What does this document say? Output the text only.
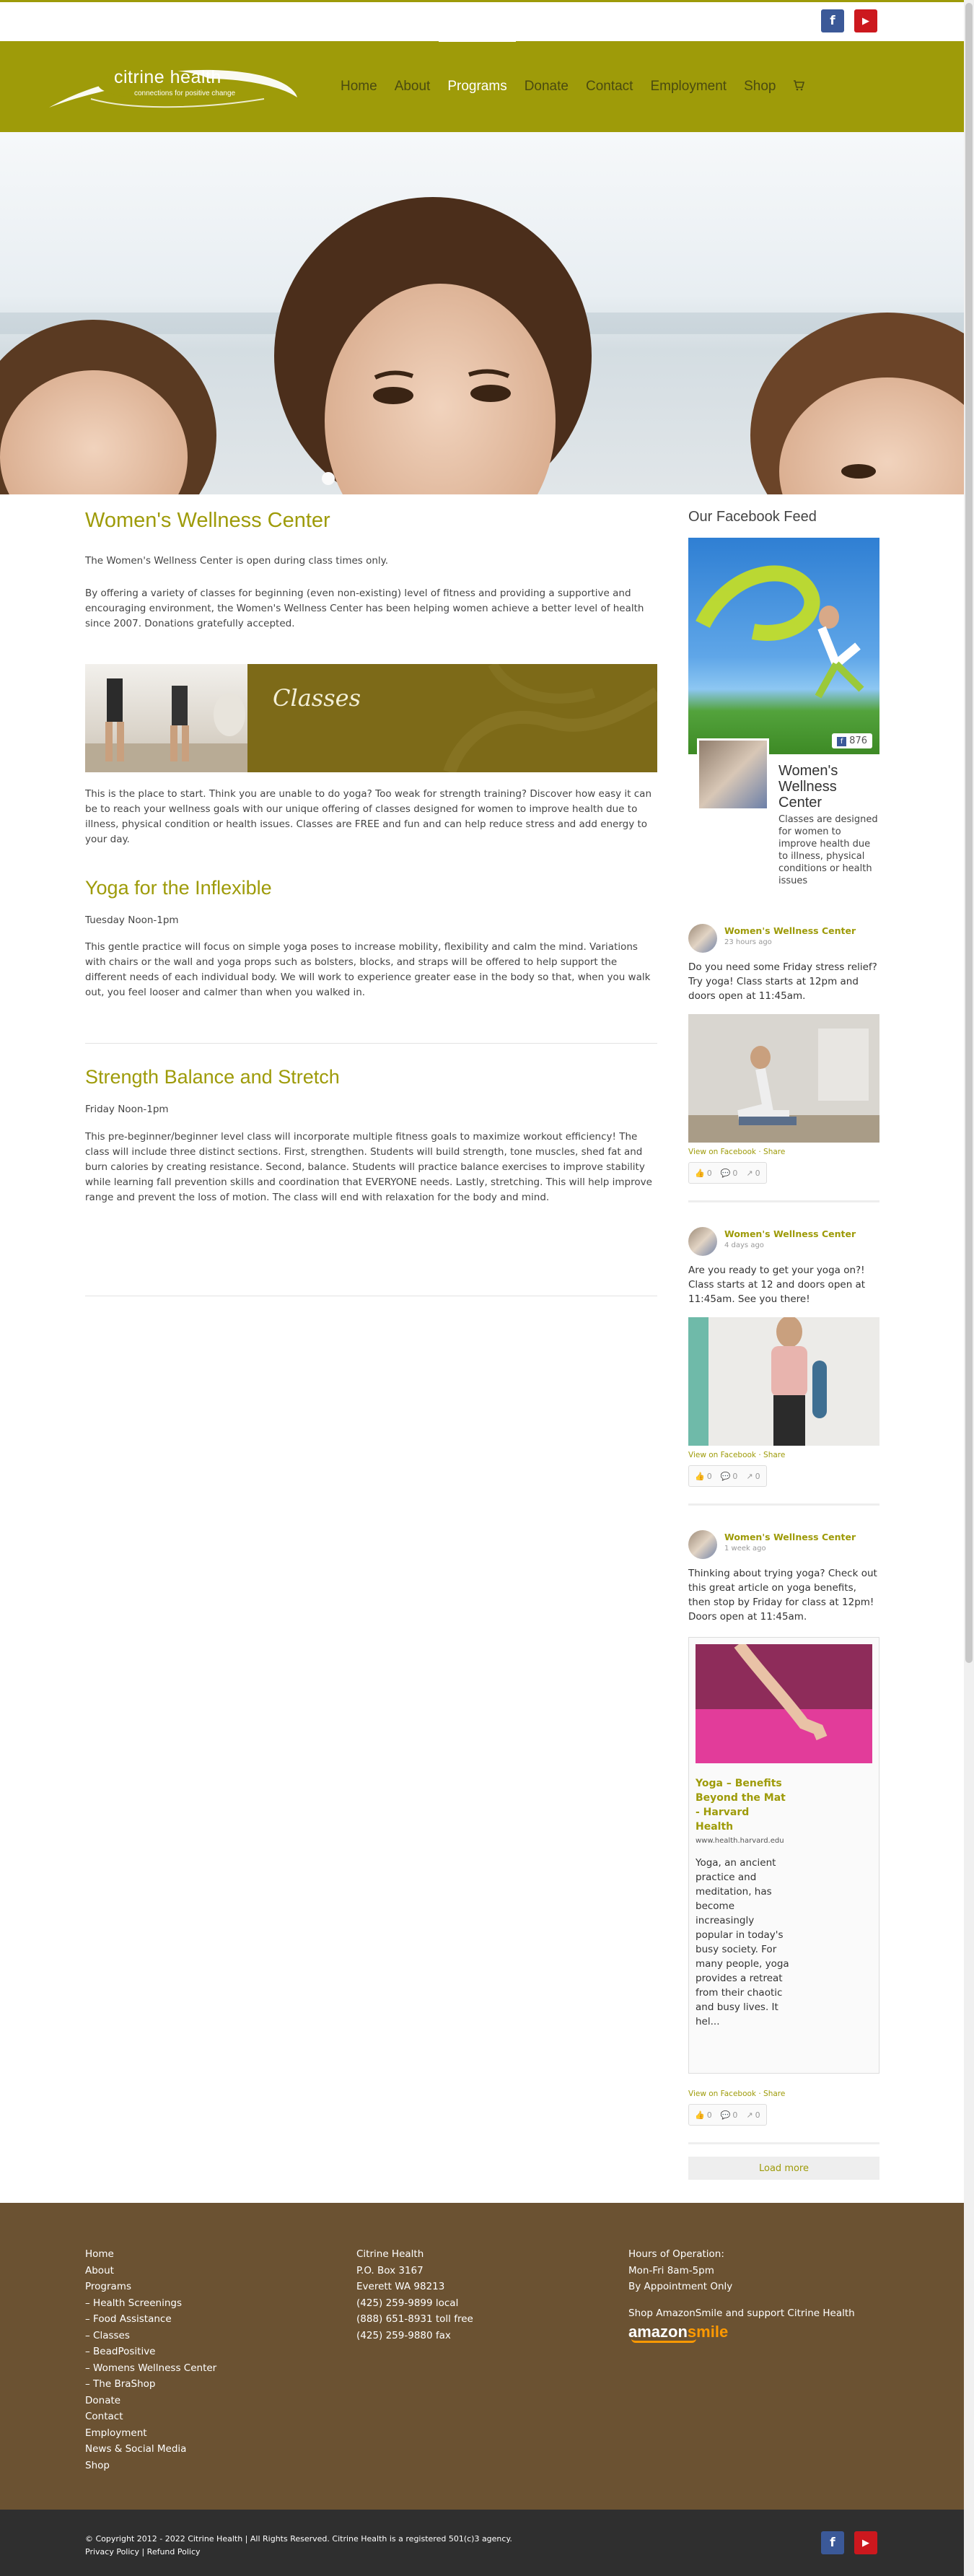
f	▶
citrine health
connections for positive change	Home	About	Programs	Donate	Contact	Employment	Shop
Women's Wellness Center

The Women's Wellness Center is open during class times only.

By offering a variety of classes for beginning (even non-existing) level of fitness and providing a supportive and encouraging environment, the Women's Wellness Center has been helping women achieve a better level of health since 2007. Donations gratefully accepted.

Classes

This is the place to start. Think you are unable to do yoga? Too weak for strength training? Discover how easy it can be to reach your wellness goals with our unique offering of classes designed for women to improve health due to illness, physical condition or health issues. Classes are FREE and fun and can help reduce stress and add energy to your day.

Yoga for the Inflexible

Tuesday Noon-1pm

This gentle practice will focus on simple yoga poses to increase mobility, flexibility and calm the mind. Variations with chairs or the wall and yoga props such as bolsters, blocks, and straps will be offered to help support the different needs of each individual body. We will work to experience greater ease in the body so that, when you walk out, you feel looser and calmer than when you walked in.

Strength Balance and Stretch

Friday Noon-1pm

This pre-beginner/beginner level class will incorporate multiple fitness goals to maximize workout efficiency! The class will include three distinct sections. First, strengthen. Students will build strength, tone muscles, shed fat and burn calories by creating resistance. Second, balance. Students will practice balance exercises to improve stability while learning fall prevention skills and coordination that EVERYONE needs. Lastly, stretching. This will help improve range and prevent the loss of motion. The class will end with relaxation for the body and mind.

Our Facebook Feed
f 876
Women's Wellness Center
Classes are designed for women to improve health due to illness, physical conditions or health issues
Women's Wellness Center
23 hours ago
Do you need some Friday stress relief? Try yoga! Class starts at 12pm and doors open at 11:45am.
View on Facebook · Share
👍 0 💬 0 ↗ 0
Women's Wellness Center
4 days ago
Are you ready to get your yoga on?! Class starts at 12 and doors open at 11:45am. See you there!
View on Facebook · Share
👍 0 💬 0 ↗ 0
Women's Wellness Center
1 week ago
Thinking about trying yoga? Check out this great article on yoga benefits, then stop by Friday for class at 12pm! Doors open at 11:45am.
Yoga – Benefits Beyond the Mat - Harvard Health
www.health.harvard.edu
Yoga, an ancient practice and meditation, has become increasingly popular in today's busy society. For many people, yoga provides a retreat from their chaotic and busy lives. It hel...
View on Facebook · Share
👍 0 💬 0 ↗ 0
Load more
Home
About
Programs
– Health Screenings
– Food Assistance
– Classes
– BeadPositive
– Womens Wellness Center
– The BraShop
Donate
Contact
Employment
News & Social Media
Shop
Citrine Health
P.O. Box 3167
Everett WA 98213
(425) 259-9899 local
(888) 651-8931 toll free
(425) 259-9880 fax
Hours of Operation:
Mon-Fri 8am-5pm
By Appointment Only
Shop AmazonSmile and support Citrine Health
amazonsmile
© Copyright 2012 - 2022 Citrine Health | All Rights Reserved. Citrine Health is a registered 501(c)3 agency.
Privacy Policy | Refund Policy
f	▶
